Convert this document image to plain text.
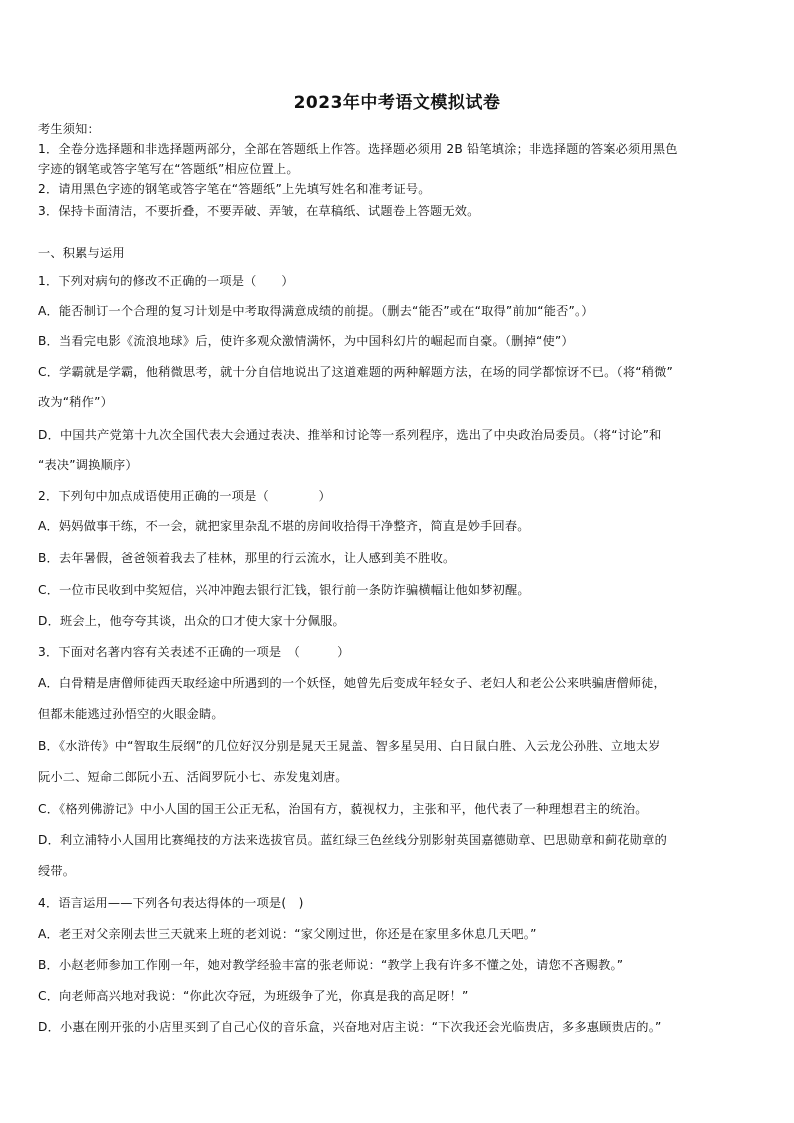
2023年中考语文模拟试卷
考生须知：
1．全卷分选择题和非选择题两部分，全部在答题纸上作答。选择题必须用 2B 铅笔填涂；非选择题的答案必须用黑色
字迹的钢笔或答字笔写在“答题纸”相应位置上。
2．请用黑色字迹的钢笔或答字笔在“答题纸”上先填写姓名和准考证号。
3．保持卡面清洁，不要折叠，不要弄破、弄皱，在草稿纸、试题卷上答题无效。
一、积累与运用
1．下列对病句的修改不正确的一项是（　　）
A．能否制订一个合理的复习计划是中考取得满意成绩的前提。（删去“能否”或在“取得”前加“能否”。）
B．当看完电影《流浪地球》后，使许多观众激情满怀，为中国科幻片的崛起而自豪。（删掉“使”）
C．学霸就是学霸，他稍微思考，就十分自信地说出了这道难题的两种解题方法，在场的同学都惊讶不已。（将“稍微”
改为“稍作”）
D．中国共产党第十九次全国代表大会通过表决、推举和讨论等一系列程序，选出了中央政治局委员。（将“讨论”和
“表决”调换顺序）
2．下列句中加点成语使用正确的一项是（　　　　）
A．妈妈做事干练，不一会，就把家里杂乱不堪的房间收拾得干净整齐，简直是妙手回春。
B．去年暑假，爸爸领着我去了桂林，那里的行云流水，让人感到美不胜收。
C．一位市民收到中奖短信，兴冲冲跑去银行汇钱，银行前一条防诈骗横幅让他如梦初醒。
D．班会上，他夸夸其谈，出众的口才使大家十分佩服。
3．下面对名著内容有关表述不正确的一项是　（　　　）
A．白骨精是唐僧师徒西天取经途中所遇到的一个妖怪，她曾先后变成年轻女子、老妇人和老公公来哄骗唐僧师徒，
但都未能逃过孙悟空的火眼金睛。
B．《水浒传》中“智取生辰纲”的几位好汉分别是晁天王晁盖、智多星吴用、白日鼠白胜、入云龙公孙胜、立地太岁
阮小二、短命二郎阮小五、活阎罗阮小七、赤发鬼刘唐。
C．《格列佛游记》中小人国的国王公正无私，治国有方，藐视权力，主张和平，他代表了一种理想君主的统治。
D．利立浦特小人国用比赛绳技的方法来选拔官员。蓝红绿三色丝线分别影射英国嘉德勋章、巴思勋章和蓟花勋章的
绶带。
4．语言运用——下列各句表达得体的一项是(　)
A．老王对父亲刚去世三天就来上班的老刘说：“家父刚过世，你还是在家里多休息几天吧。”
B．小赵老师参加工作刚一年，她对教学经验丰富的张老师说：“教学上我有许多不懂之处，请您不吝赐教。”
C．向老师高兴地对我说：“你此次夺冠，为班级争了光，你真是我的高足呀！”
D．小惠在刚开张的小店里买到了自己心仪的音乐盒，兴奋地对店主说：“下次我还会光临贵店，多多惠顾贵店的。”
